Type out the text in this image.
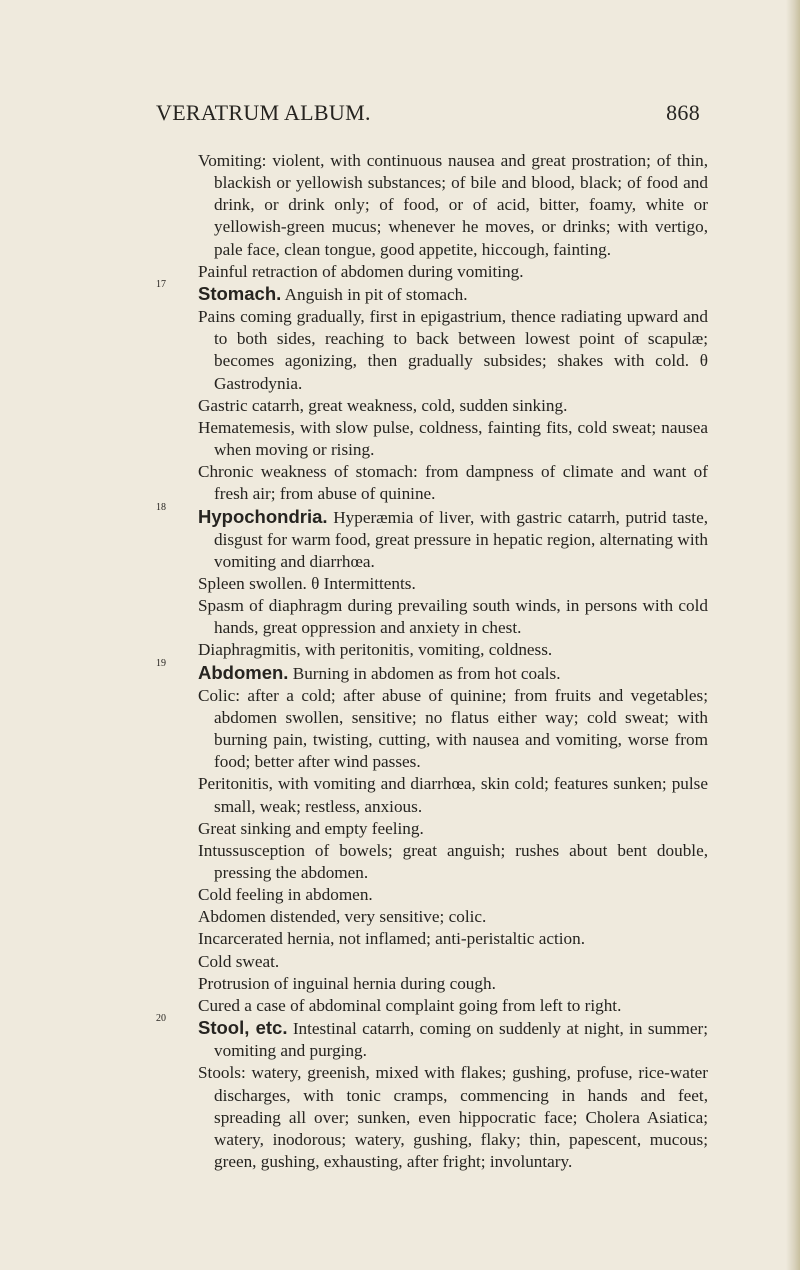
VERATRUM ALBUM.	868

Vomiting: violent, with continuous nausea and great prostration; of thin, blackish or yellowish substances; of bile and blood, black; of food and drink, or drink only; of food, or of acid, bitter, foamy, white or yellowish-green mucus; whenever he moves, or drinks; with vertigo, pale face, clean tongue, good appetite, hiccough, fainting.

Painful retraction of abdomen during vomiting.

17	Stomach. Anguish in pit of stomach.

Pains coming gradually, first in epigastrium, thence radiating upward and to both sides, reaching to back between lowest point of scapulæ; becomes agonizing, then gradually subsides; shakes with cold. θ Gastrodynia.

Gastric catarrh, great weakness, cold, sudden sinking.

Hematemesis, with slow pulse, coldness, fainting fits, cold sweat; nausea when moving or rising.

Chronic weakness of stomach: from dampness of climate and want of fresh air; from abuse of quinine.

18	Hypochondria. Hyperæmia of liver, with gastric catarrh, putrid taste, disgust for warm food, great pressure in hepatic region, alternating with vomiting and diarrhœa.

Spleen swollen. θ Intermittents.

Spasm of diaphragm during prevailing south winds, in persons with cold hands, great oppression and anxiety in chest.

Diaphragmitis, with peritonitis, vomiting, coldness.

19	Abdomen. Burning in abdomen as from hot coals.

Colic: after a cold; after abuse of quinine; from fruits and vegetables; abdomen swollen, sensitive; no flatus either way; cold sweat; with burning pain, twisting, cutting, with nausea and vomiting, worse from food; better after wind passes.

Peritonitis, with vomiting and diarrhœa, skin cold; features sunken; pulse small, weak; restless, anxious.

Great sinking and empty feeling.

Intussusception of bowels; great anguish; rushes about bent double, pressing the abdomen.

Cold feeling in abdomen.

Abdomen distended, very sensitive; colic.

Incarcerated hernia, not inflamed; anti-peristaltic action.

Cold sweat.

Protrusion of inguinal hernia during cough.

Cured a case of abdominal complaint going from left to right.

20	Stool, etc. Intestinal catarrh, coming on suddenly at night, in summer; vomiting and purging.

Stools: watery, greenish, mixed with flakes; gushing, profuse, rice-water discharges, with tonic cramps, commencing in hands and feet, spreading all over; sunken, even hippocratic face; Cholera Asiatica; watery, inodorous; watery, gushing, flaky; thin, papescent, mucous; green, gushing, exhausting, after fright; involuntary.
